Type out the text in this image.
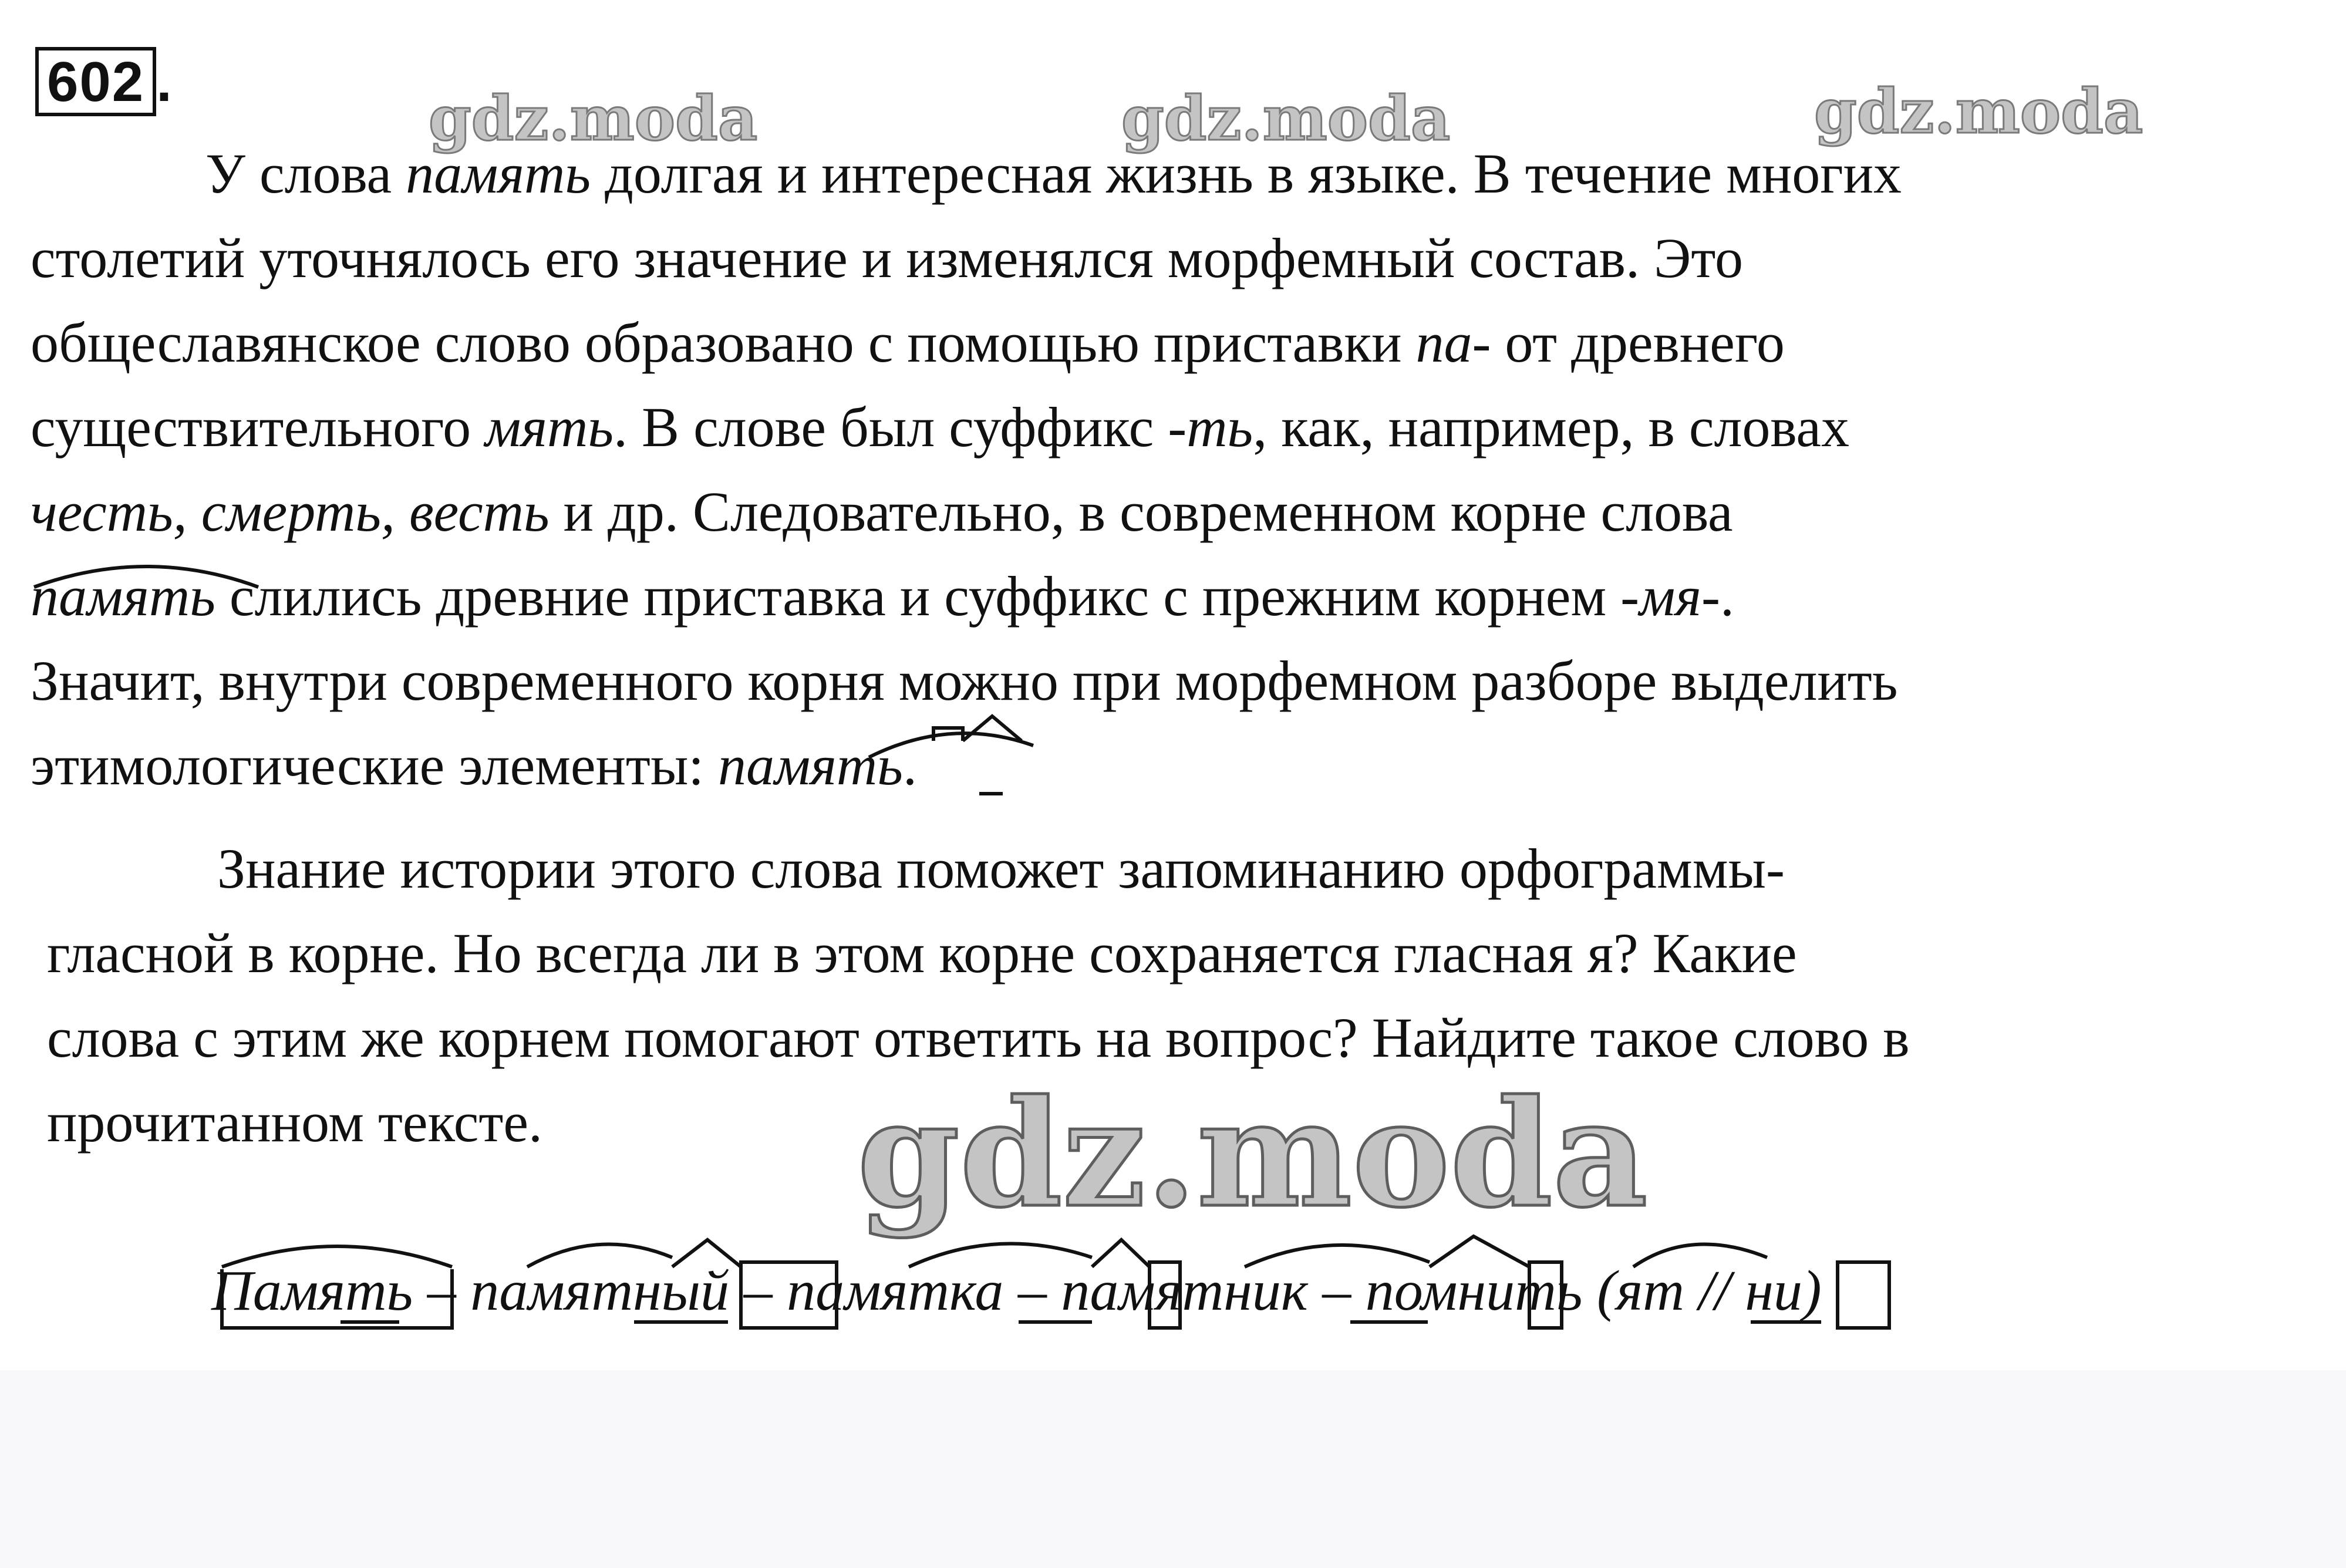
gdz.moda	gdz.moda	gdz.moda
602 .
У слова память долгая и интересная жизнь в языке. В течение многих
столетий уточнялось его значение и изменялся морфемный состав. Это
общеславянское слово образовано с помощью приставки па- от древнего
существительного мять. В слове был суффикс -ть, как, например, в словах
честь, смерть, весть и др. Следовательно, в современном корне слова
память слились древние приставка и суффикс с прежним корнем -мя-.
Значит, внутри современного корня можно при морфемном разборе выделить
этимологические элементы: память.
Знание истории этого слова поможет запоминанию орфограммы-
гласной в корне. Но всегда ли в этом корне сохраняется гласная я? Какие
слова с этим же корнем помогают ответить на вопрос? Найдите такое слово в
прочитанном тексте. gdz.moda
Память – памятный – памятка – памятник – помнить (ят // ни)
